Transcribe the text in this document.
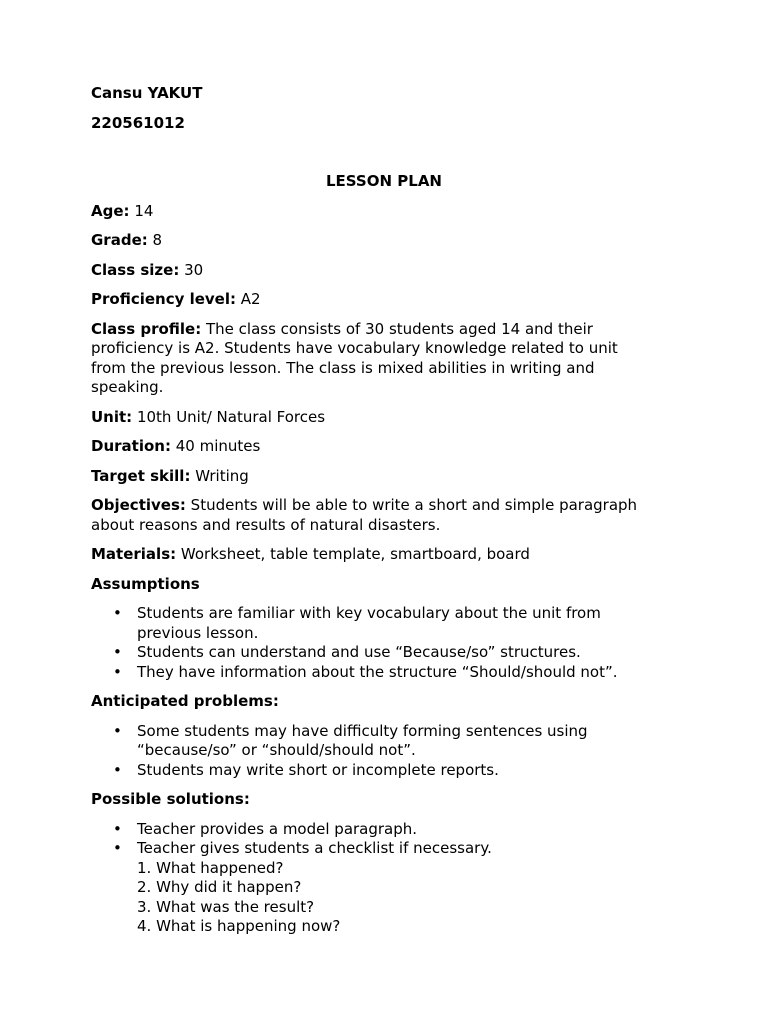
Cansu YAKUT

220561012

LESSON PLAN

Age: 14

Grade: 8

Class size: 30

Proficiency level: A2

Class profile: The class consists of 30 students aged 14 and their
proficiency is A2. Students have vocabulary knowledge related to unit
from the previous lesson. The class is mixed abilities in writing and
speaking.

Unit: 10th Unit/ Natural Forces

Duration: 40 minutes

Target skill: Writing

Objectives: Students will be able to write a short and simple paragraph
about reasons and results of natural disasters.

Materials: Worksheet, table template, smartboard, board

Assumptions

• Students are familiar with key vocabulary about the unit from
previous lesson.
• Students can understand and use “Because/so” structures.
• They have information about the structure “Should/should not”.

Anticipated problems:

• Some students may have difficulty forming sentences using
“because/so” or “should/should not”.
• Students may write short or incomplete reports.

Possible solutions:

• Teacher provides a model paragraph.
• Teacher gives students a checklist if necessary.
1. What happened?
2. Why did it happen?
3. What was the result?
4. What is happening now?
